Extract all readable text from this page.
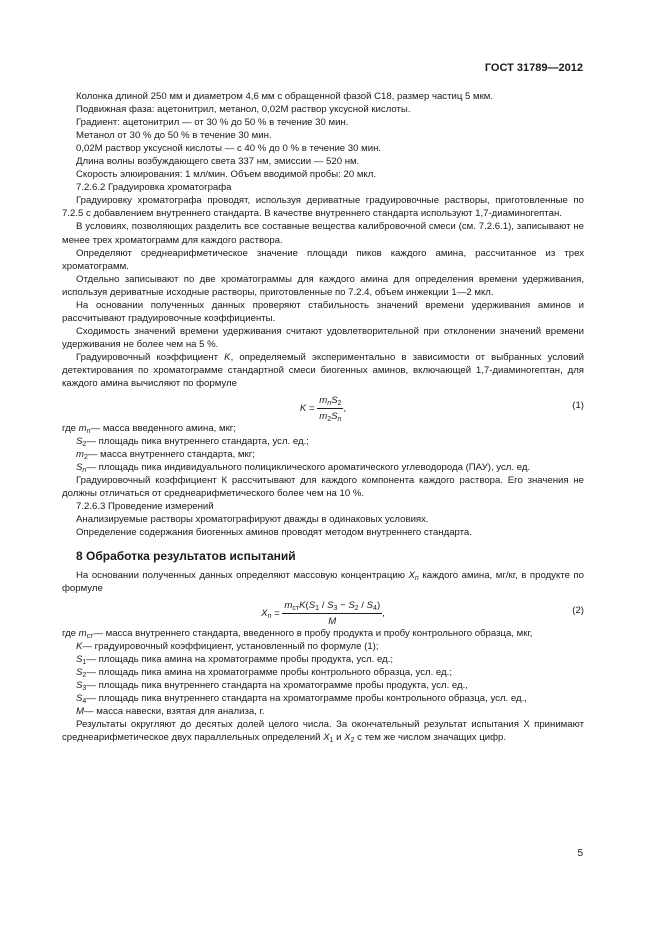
ГОСТ 31789—2012

Колонка длиной 250 мм и диаметром 4,6 мм с обращенной фазой C18, размер частиц 5 мкм.

Подвижная фаза: ацетонитрил, метанол, 0,02М раствор уксусной кислоты.

Градиент: ацетонитрил — от 30 % до 50 % в течение 30 мин.

Метанол от 30 % до 50 % в течение 30 мин.

0,02М раствор уксусной кислоты — с 40 % до 0 % в течение 30 мин.

Длина волны возбуждающего света 337 нм, эмиссии — 520 нм.

Скорость элюирования: 1 мл/мин. Объем вводимой пробы: 20 мкл.

7.2.6.2 Градуировка хроматографа

Градуировку хроматографа проводят, используя дериватные градуировочные растворы, приготовленные по 7.2.5 с добавлением внутреннего стандарта. В качестве внутреннего стандарта используют 1,7-диаминогептан.

В условиях, позволяющих разделить все составные вещества калибровочной смеси (см. 7.2.6.1), записывают не менее трех хроматограмм для каждого раствора.

Определяют среднеарифметическое значение площади пиков каждого амина, рассчитанное из трех хроматограмм.

Отдельно записывают по две хроматограммы для каждого амина для определения времени удерживания, используя дериватные исходные растворы, приготовленные по 7.2.4, объем инжекции 1—2 мкл.

На основании полученных данных проверяют стабильность значений времени удерживания аминов и рассчитывают градуировочные коэффициенты.

Сходимость значений времени удерживания считают удовлетворительной при отклонении значений времени удерживания не более чем на 5 %.

Градуировочный коэффициент K, определяемый экспериментально в зависимости от выбранных условий детектирования по хроматограмме стандартной смеси биогенных аминов, включающей 1,7-диаминогептан, для каждого амина вычисляют по формуле

K =
$m_nS_2$
$m_2S_n$
,	(1)
где $m_n$ — масса введенного амина, мкг;
$S_2$ — площадь пика внутреннего стандарта, усл. ед.;
$m_2$ — масса внутреннего стандарта, мкг;
$S_n$ — площадь пика индивидуального полициклического ароматического углеводорода (ПАУ), усл. ед.

Градуировочный коэффициент К рассчитывают для каждого компонента каждого раствора. Его значения не должны отличаться от среднеарифметического более чем на 10 %.

7.2.6.3 Проведение измерений

Анализируемые растворы хроматографируют дважды в одинаковых условиях.

Определение содержания биогенных аминов проводят методом внутреннего стандарта.

8 Обработка результатов испытаний

На основании полученных данных определяют массовую концентрацию $X_n$ каждого амина, мг/кг, в продукте по формуле

$X_n$ =
$m_{ст}K(S_1 / S_3 - S_2 / S_4)$
M
,	(2)
где $m_{ст}$ — масса внутреннего стандарта, введенного в пробу продукта и пробу контрольного образца, мкг,
K — градуировочный коэффициент, установленный по формуле (1);
$S_1$ — площадь пика амина на хроматограмме пробы продукта, усл. ед.;
$S_2$ — площадь пика амина на хроматограмме пробы контрольного образца, усл. ед.;
$S_3$ — площадь пика внутреннего стандарта на хроматограмме пробы продукта, усл. ед.,
$S_4$ — площадь пика внутреннего стандарта на хроматограмме пробы контрольного образца, усл. ед.,
M — масса навески, взятая для анализа, г.

Результаты округляют до десятых долей целого числа. За окончательный результат испытания X принимают среднеарифметическое двух параллельных определений $X_1$ и $X_2$ с тем же числом значащих цифр.

5
